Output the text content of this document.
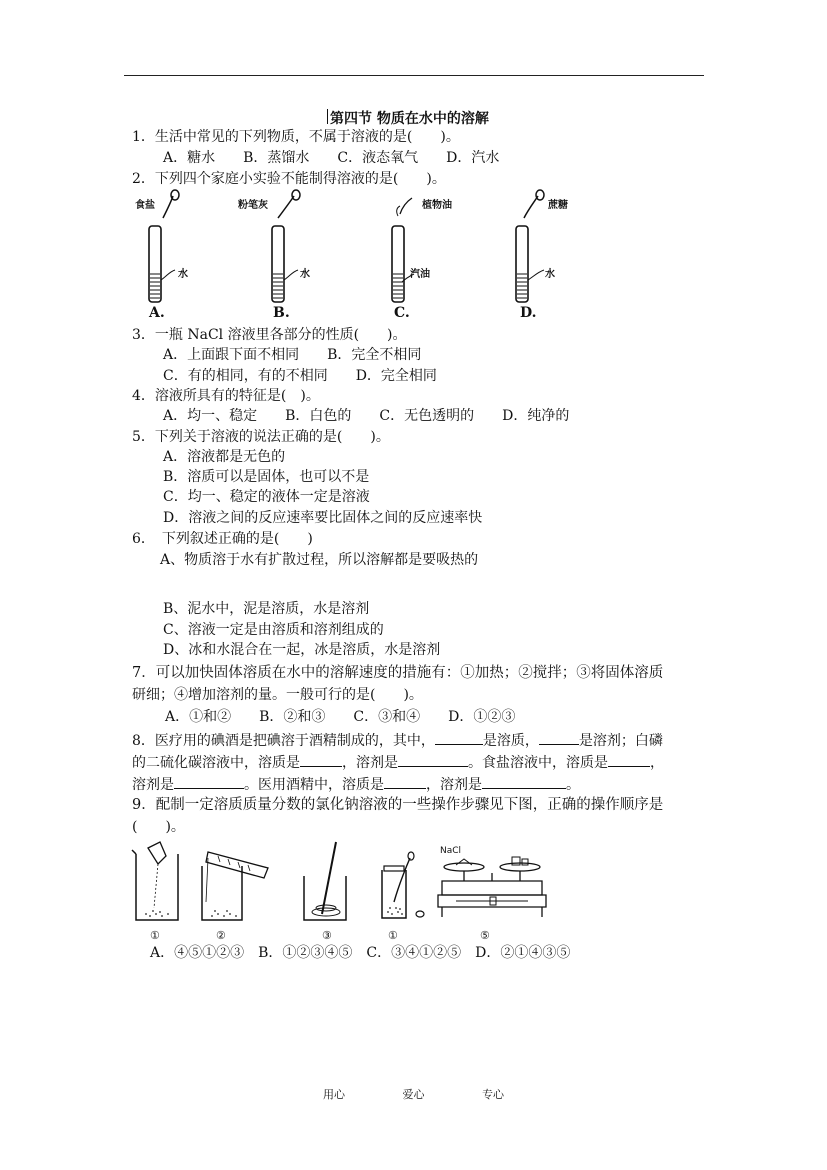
第四节 物质在水中的溶解
1．生活中常见的下列物质，不属于溶液的是(　　)。
A．糖水　　B．蒸馏水　　C．液态氧气　　D．汽水
2．下列四个家庭小实验不能制得溶液的是(　　)。
食盐
水
A.
粉笔灰
水
B.
植物油
汽油
C.
蔗糖
水
D.
3．一瓶 NaCl 溶液里各部分的性质(　　)。
A．上面跟下面不相同　　B．完全不相同
C．有的相同，有的不相同　　D．完全相同
4．溶液所具有的特征是(　)。
A．均一、稳定　　B．白色的　　C．无色透明的　　D．纯净的
5．下列关于溶液的说法正确的是(　　)。
A．溶液都是无色的
B．溶质可以是固体，也可以不是
C．均一、稳定的液体一定是溶液
D．溶液之间的反应速率要比固体之间的反应速率快
6．　下列叙述正确的是(　　)
A、物质溶于水有扩散过程，所以溶解都是要吸热的
B、泥水中，泥是溶质，水是溶剂
C、溶液一定是由溶质和溶剂组成的
D、冰和水混合在一起，冰是溶质，水是溶剂
7．可以加快固体溶质在水中的溶解速度的措施有：①加热；②搅拌；③将固体溶质
研细；④增加溶剂的量。一般可行的是(　　)。
A．①和②　　B．②和③　　C．③和④　　D．①②③
8．医疗用的碘酒是把碘溶于酒精制成的，其中，	是溶质，	是溶剂；白磷
的二硫化碳溶液中，溶质是	，溶剂是	。食盐溶液中，溶质是	，
溶剂是	。医用酒精中，溶质是	，溶剂是	。
9．配制一定溶质质量分数的氯化钠溶液的一些操作步骤见下图，正确的操作顺序是
(　　)。
NaCl
①	②	③	①	⑤
A．④⑤①②③　B．①②③④⑤　C．③④①②⑤　D．②①④③⑤
用心	爱心	专心
